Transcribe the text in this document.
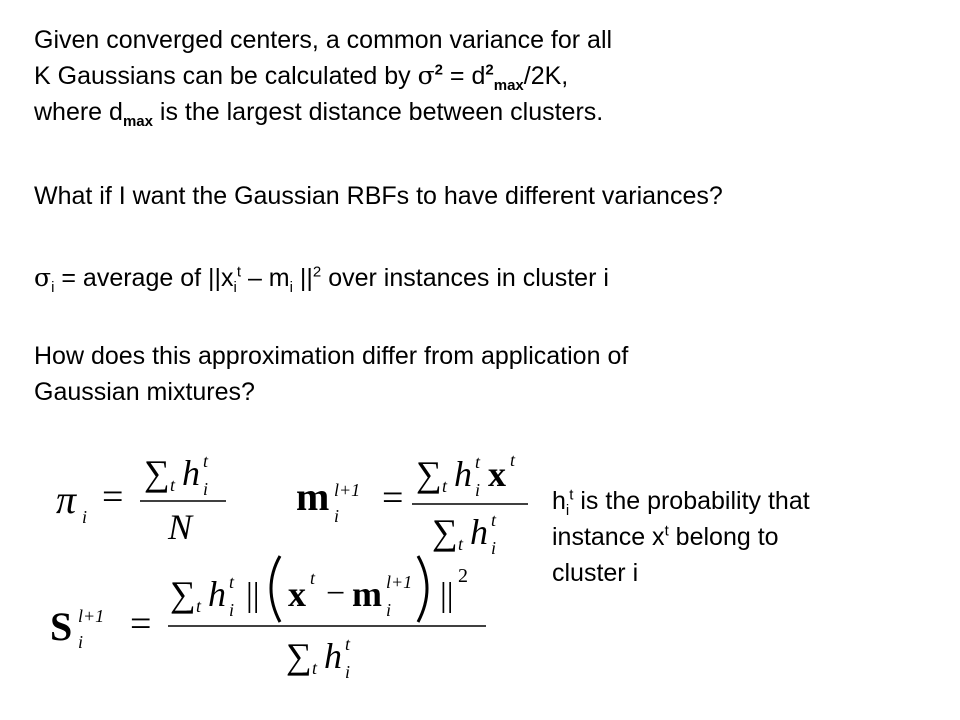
Given converged centers, a common variance for all
K Gaussians can be calculated by $\sigma^2 = d^2_{max}/2K$,
where $d_{max}$ is the largest distance between clusters.
What if I want the Gaussian RBFs to have different variances?
$\sigma_i$ = average of $||x_i^t - m_i$ $||^2$ over instances in cluster i
How does this approximation differ from application of
Gaussian mixtures?
π i =
∑ t h t
i
N
m l+1
i =
∑ t h t
i x t
∑ t h t
i
S l+1
i =
∑ t h t
i || x t − m l+1
i ||
2
∑ t h t
i
$h_i^t$ is the probability that
instance $x^t$ belong to
cluster i
